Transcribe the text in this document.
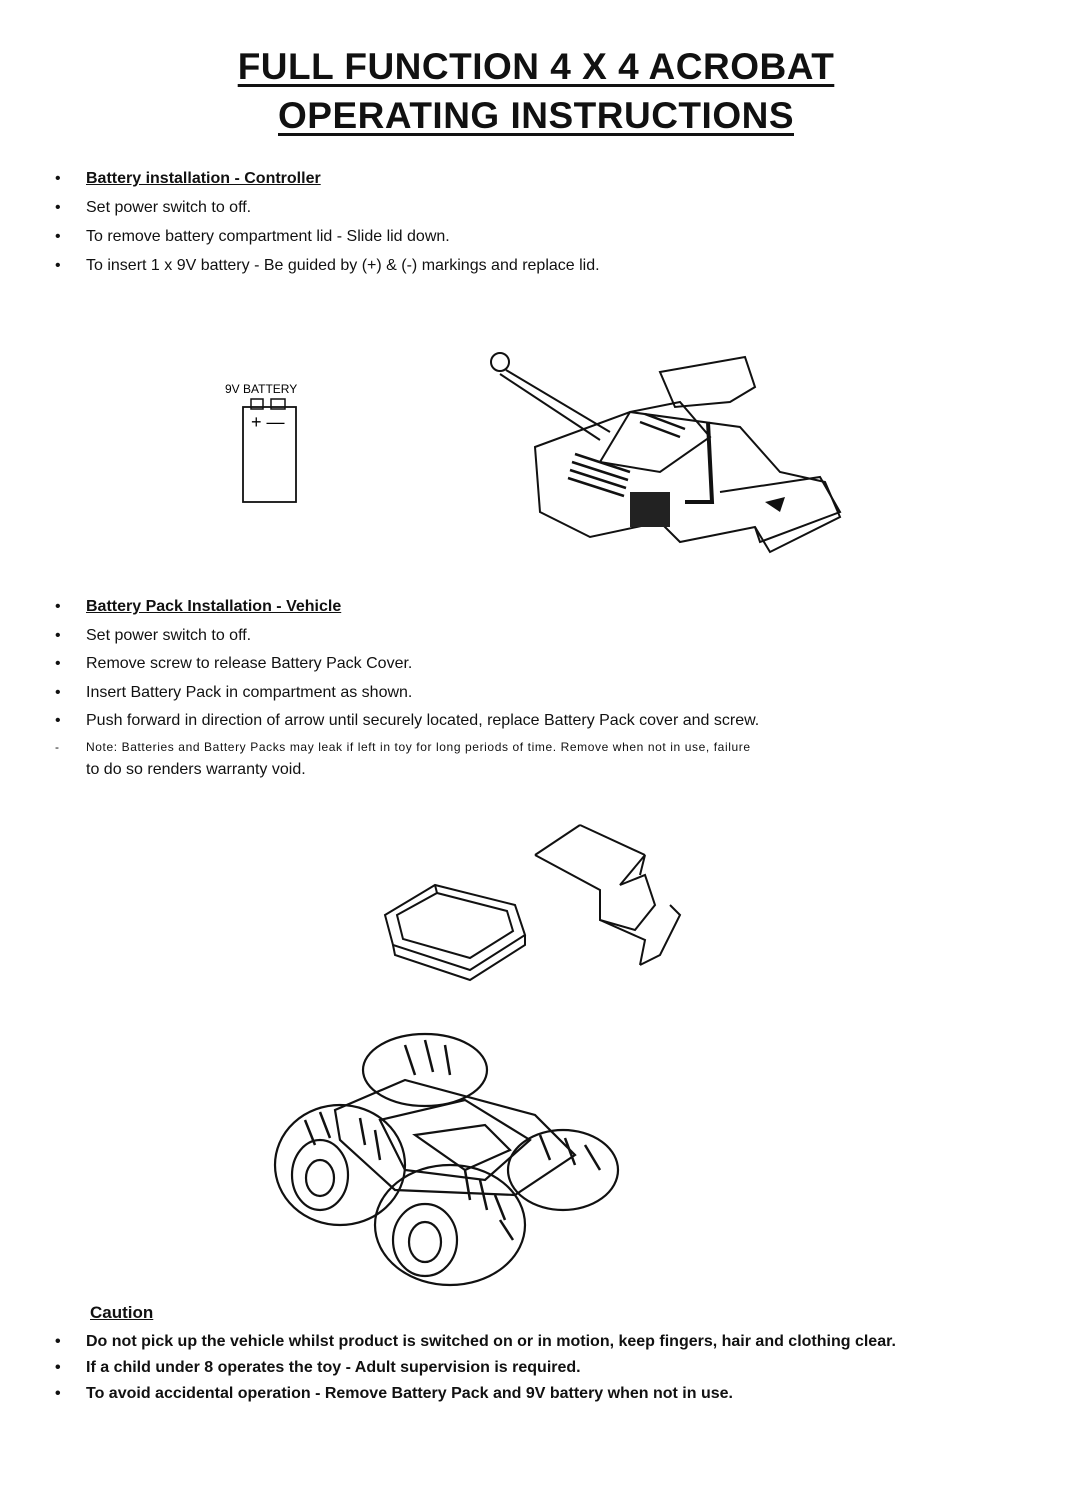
FULL FUNCTION 4 X 4 ACROBAT
OPERATING INSTRUCTIONS
• Battery installation - Controller
• Set power switch to off.
• To remove battery compartment lid - Slide lid down.
• To insert 1 x 9V battery - Be guided by (+) & (-) markings and replace lid.
9V BATTERY
+ —
• Battery Pack Installation - Vehicle
• Set power switch to off.
• Remove screw to release Battery Pack Cover.
• Insert Battery Pack in compartment as shown.
• Push forward in direction of arrow until securely located, replace Battery Pack cover and screw.
- Note: Batteries and Battery Packs may leak if left in toy for long periods of time. Remove when not in use, failure
to do so renders warranty void.
Caution
• Do not pick up the vehicle whilst product is switched on or in motion, keep fingers, hair and clothing clear.
• If a child under 8 operates the toy - Adult supervision is required.
• To avoid accidental operation - Remove Battery Pack and 9V battery when not in use.
